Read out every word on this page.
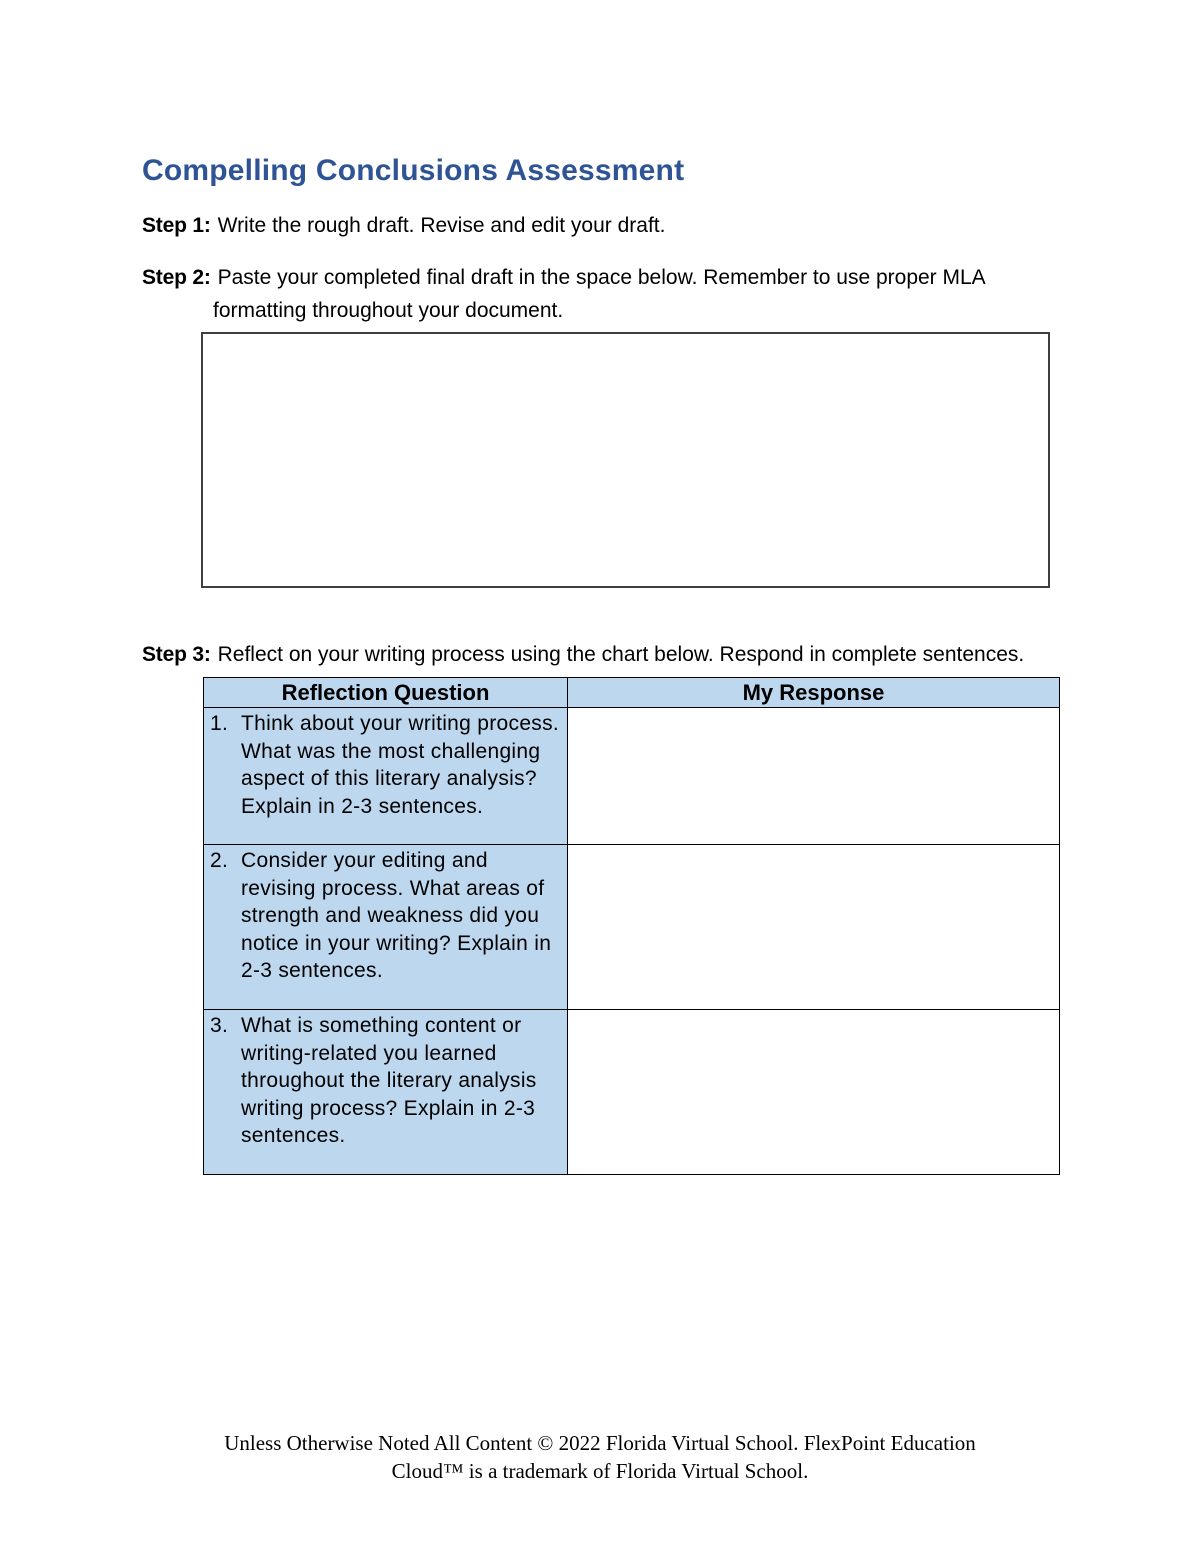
Compelling Conclusions Assessment

Step 1: Write the rough draft. Revise and edit your draft.

Step 2: Paste your completed final draft in the space below. Remember to use proper MLA formatting throughout your document.

Step 3: Reflect on your writing process using the chart below. Respond in complete sentences.

Reflection Question	My Response

1. Think about your writing process. What was the most challenging aspect of this literary analysis? Explain in 2-3 sentences.	

2. Consider your editing and revising process. What areas of strength and weakness did you notice in your writing? Explain in 2-3 sentences.	

3. What is something content or writing-related you learned throughout the literary analysis writing process? Explain in 2-3 sentences.	

Unless Otherwise Noted All Content © 2022 Florida Virtual School. FlexPoint Education
Cloud™ is a trademark of Florida Virtual School.
